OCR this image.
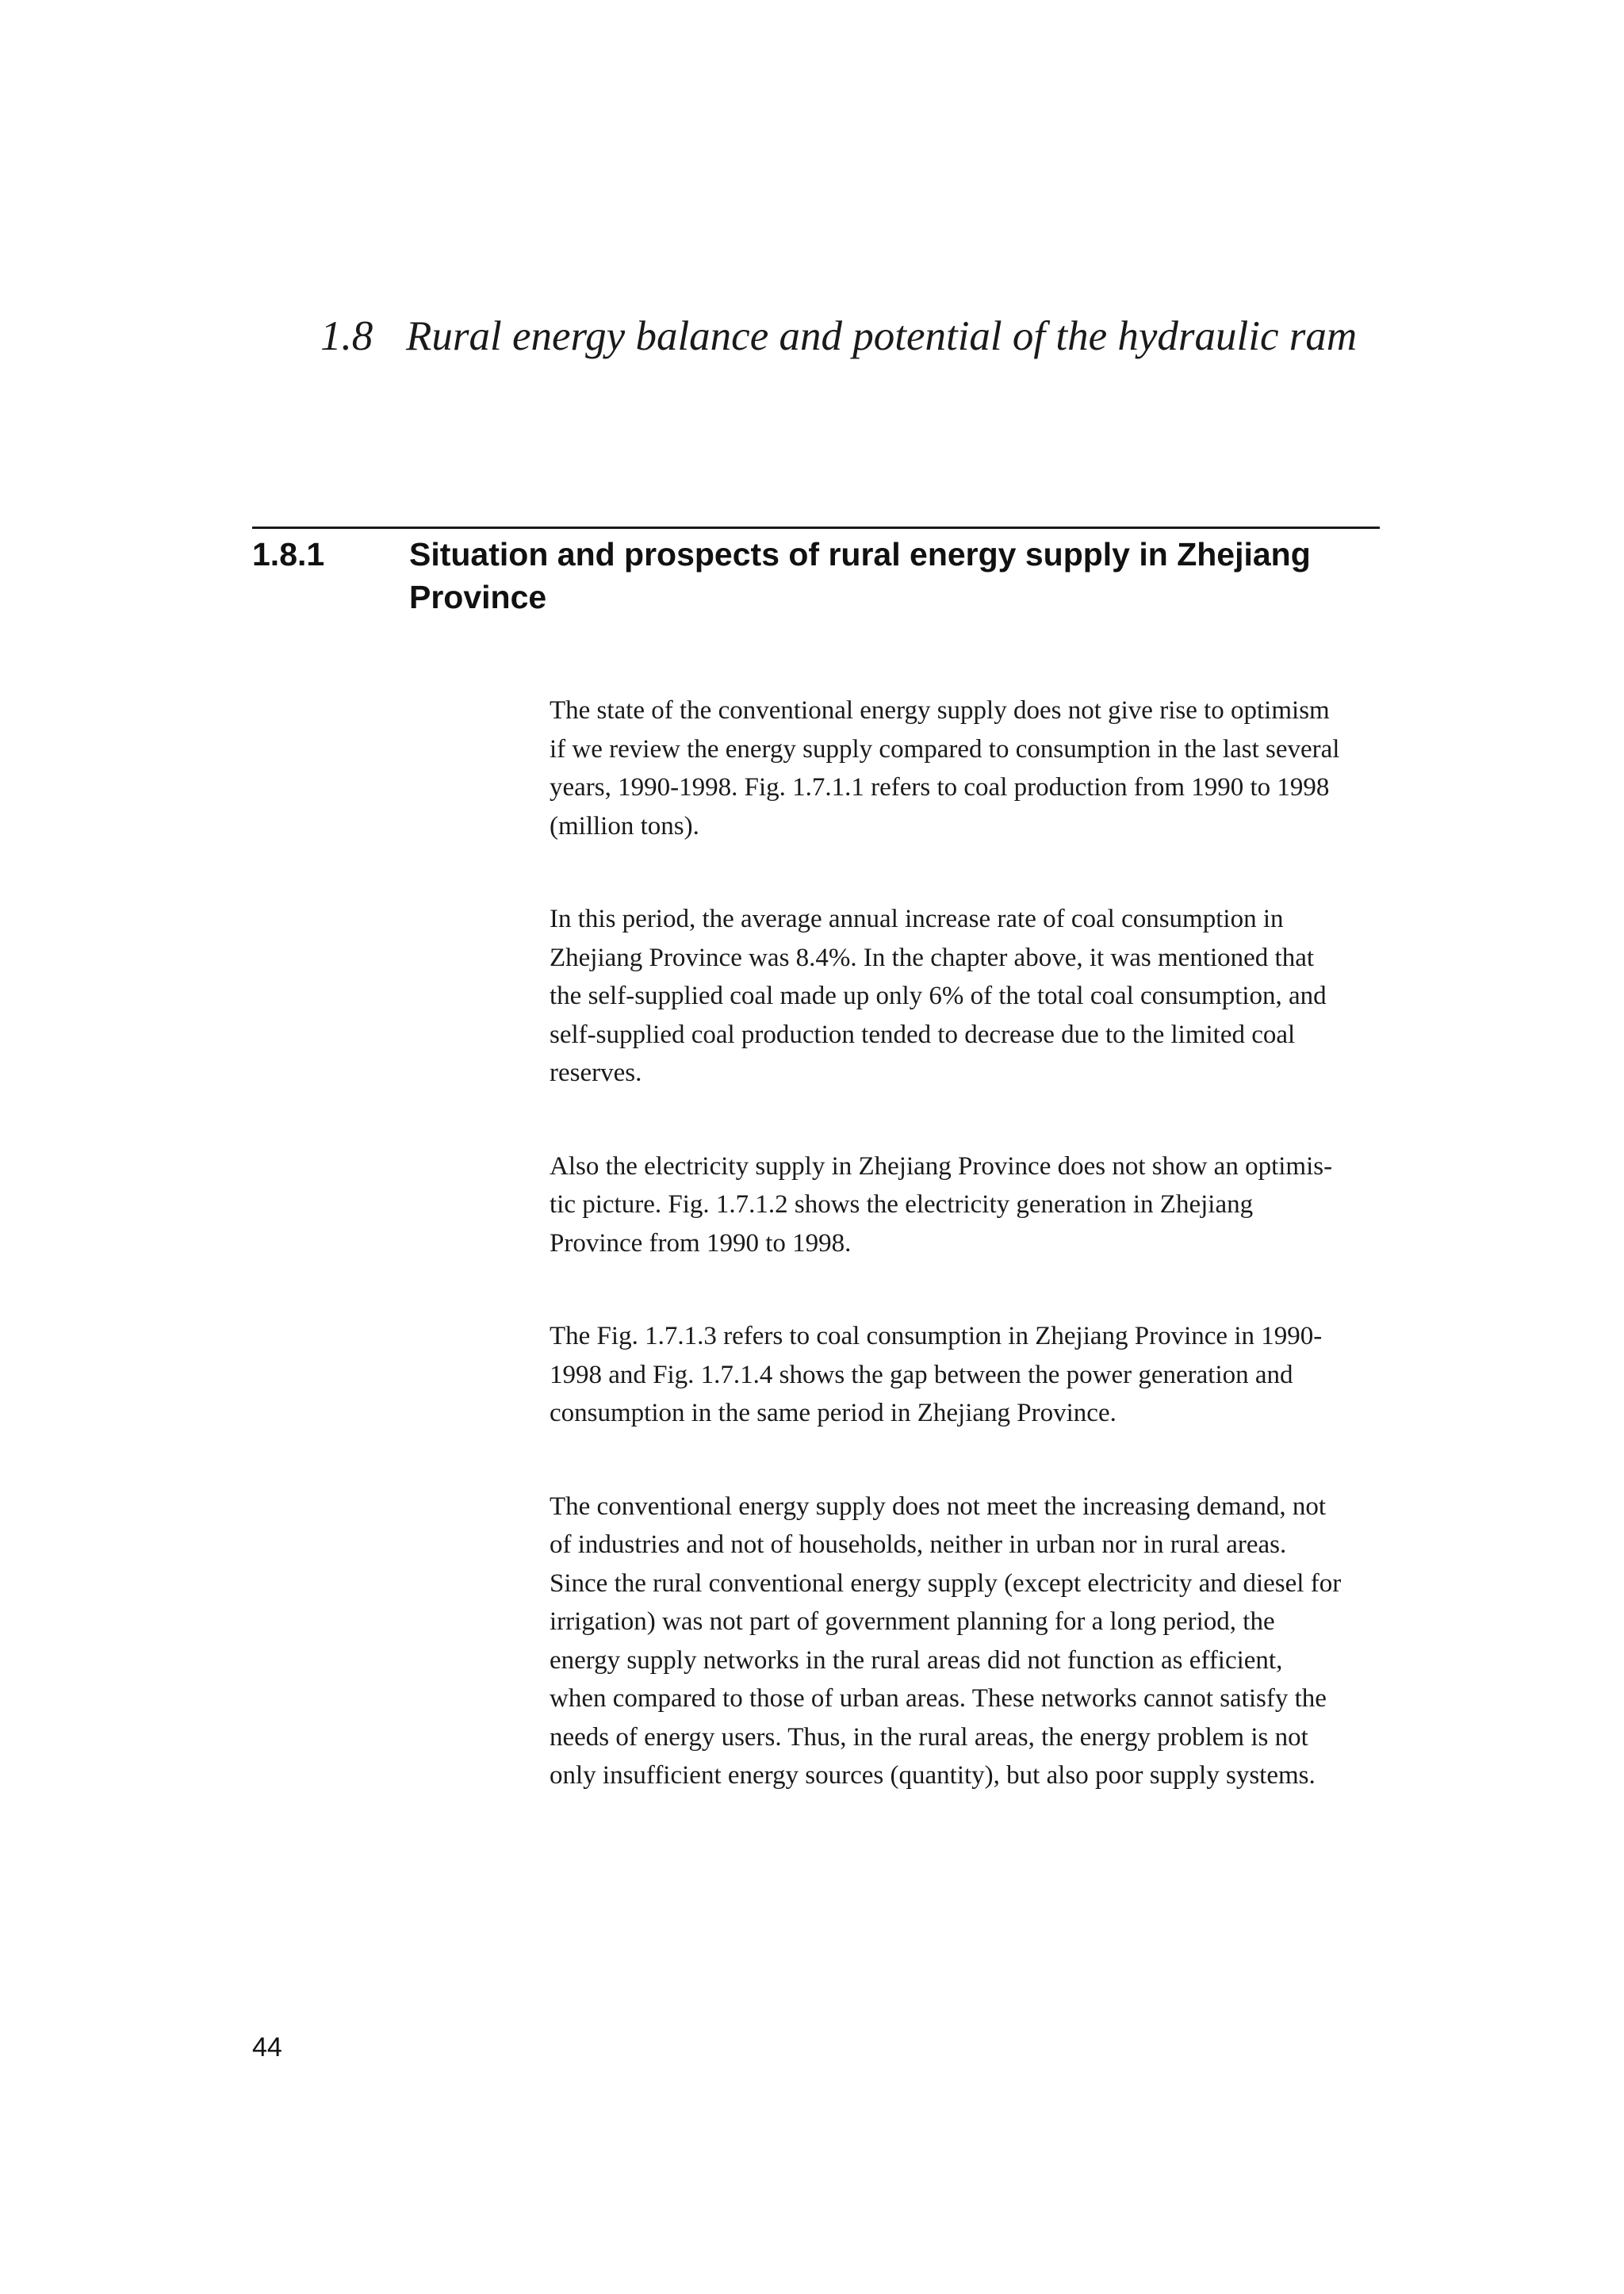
1.8 Rural energy balance and potential of the hydraulic ram
1.8.1	Situation and prospects of rural energy supply in Zhejiang
Province

The state of the conventional energy supply does not give rise to optimism
if we review the energy supply compared to consumption in the last several
years, 1990-1998. Fig. 1.7.1.1 refers to coal production from 1990 to 1998
(million tons).

In this period, the average annual increase rate of coal consumption in
Zhejiang Province was 8.4%. In the chapter above, it was mentioned that
the self-supplied coal made up only 6% of the total coal consumption, and
self-supplied coal production tended to decrease due to the limited coal
reserves.

Also the electricity supply in Zhejiang Province does not show an optimis-
tic picture. Fig. 1.7.1.2 shows the electricity generation in Zhejiang
Province from 1990 to 1998.

The Fig. 1.7.1.3 refers to coal consumption in Zhejiang Province in 1990-
1998 and Fig. 1.7.1.4 shows the gap between the power generation and
consumption in the same period in Zhejiang Province.

The conventional energy supply does not meet the increasing demand, not
of industries and not of households, neither in urban nor in rural areas.
Since the rural conventional energy supply (except electricity and diesel for
irrigation) was not part of government planning for a long period, the
energy supply networks in the rural areas did not function as efficient,
when compared to those of urban areas. These networks cannot satisfy the
needs of energy users. Thus, in the rural areas, the energy problem is not
only insufficient energy sources (quantity), but also poor supply systems.

44
